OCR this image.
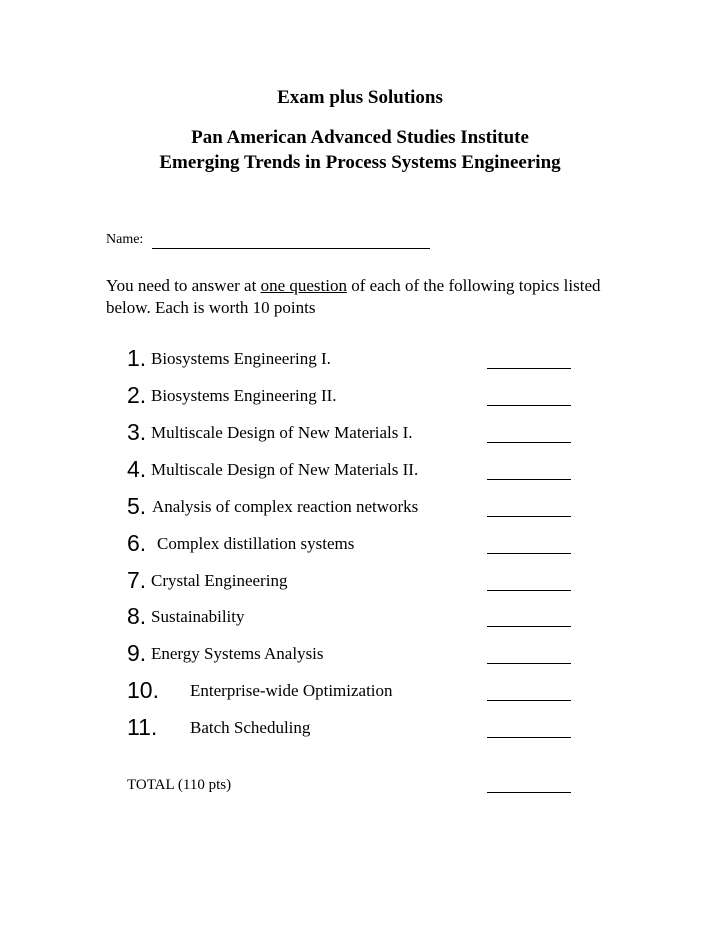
Exam plus Solutions
Pan American Advanced Studies Institute
Emerging Trends in Process Systems Engineering
Name:
You need to answer at one question of each of the following topics listed below. Each is worth 10 points
1. Biosystems Engineering I.
2. Biosystems Engineering II.
3. Multiscale Design of New Materials I.
4. Multiscale Design of New Materials II.
5. Analysis of complex reaction networks
6. Complex distillation systems
7. Crystal Engineering
8. Sustainability
9. Energy Systems Analysis
10. Enterprise-wide Optimization
11. Batch Scheduling
TOTAL (110 pts)
